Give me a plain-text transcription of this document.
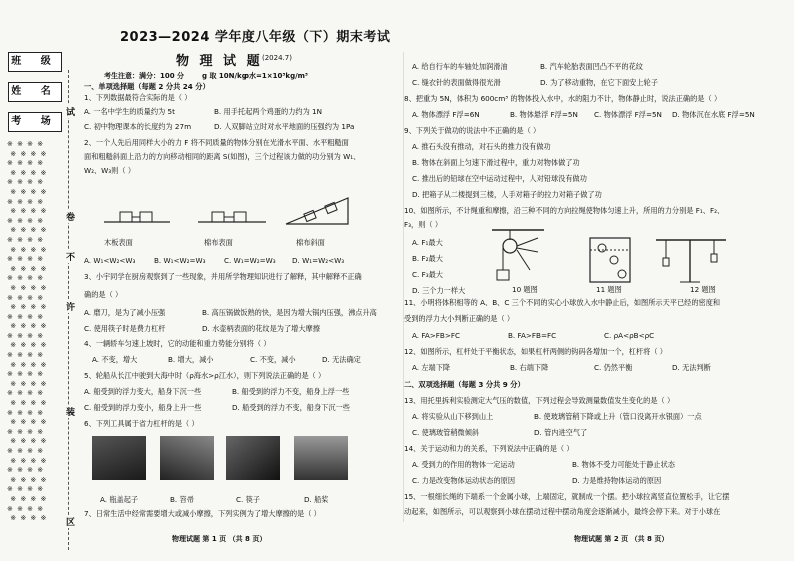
班 级
姓 名
考 场
※ ※ ※ ※
※ ※ ※ ※
※ ※ ※ ※
※ ※ ※ ※
※ ※ ※ ※
※ ※ ※ ※
※ ※ ※ ※
※ ※ ※ ※
※ ※ ※ ※
※ ※ ※ ※
※ ※ ※ ※
※ ※ ※ ※
※ ※ ※ ※
※ ※ ※ ※
※ ※ ※ ※
※ ※ ※ ※
※ ※ ※ ※
※ ※ ※ ※
※ ※ ※ ※
※ ※ ※ ※
※ ※ ※ ※
※ ※ ※ ※
※ ※ ※ ※
※ ※ ※ ※
※ ※ ※ ※
※ ※ ※ ※
※ ※ ※ ※
※ ※ ※ ※
※ ※ ※ ※
※ ※ ※ ※
※ ※ ※ ※
※ ※ ※ ※
※ ※ ※ ※
※ ※ ※ ※
※ ※ ※ ※
※ ※ ※ ※
※ ※ ※ ※
※ ※ ※ ※
※ ※ ※ ※
※ ※ ※ ※
试
卷
不
许
装
区
2023—2024 学年度八年级（下）期末考试
物 理 试 题 (2024.7)
考生注意：满分：100 分	g 取 10N/kg
ρ水=1×10³kg/m³
一、单项选择题（每题 2 分共 24 分）
1、下列数据最符合实际的是（ ）
A. 一名中学生的质量约为 5t	B. 用手托起两个鸡蛋的力约为 1N
C. 初中物理课本的长度约为 27m	D. 人双脚站立时对水平地面的压强约为 1Pa
2、一个人先后用同样大小的力 F 将不同质量的物体分别在光滑水平面、水平粗糙面
面和粗糙斜面上沿力的方向移动相同的距离 S(如图)，三个过程该力做的功分别为 W₁、
W₂、W₃则（ ）
木板表面	棉布表面	棉布斜面
A. W₁<W₂<W₃	B. W₁<W₂=W₃	C. W₁=W₂=W₃ D. W₁=W₂<W₃
3、小宇同学在厨房观察到了一些现象，并用所学物理知识进行了解释，其中解释不正确
确的是（ ）
A. 磨刀，是为了减小压强	B. 高压锅做饭熟的快，是因为增大锅内压强，沸点升高
C. 使用筷子时是费力杠杆	D. 水壶柄表面的花纹是为了增大摩擦
4、一辆轿车匀速上坡时，它的动能和重力势能分别将（ ）
A. 不变，增大	B. 增大，减小	C. 不变，减小	D. 无法确定
5、轮船从长江中驶到大海中时（ρ海水>ρ江水），则下列说法正确的是（ ）
A. 船受到的浮力变大，船身下沉一些	B. 船受到的浮力不变，船身上浮一些
C. 船受到的浮力变小，船身上升一些	D. 船受到的浮力不变，船身下沉一些
6、下列工具属于省力杠杆的是（ ）
A. 瓶盖起子	B. 笤帚	C. 筷子	D. 船桨
7、日常生活中经常需要增大或减小摩擦，下列实例为了增大摩擦的是（ ）
物理试题 第 1 页 （共 8 页）
A. 给自行车的车轴处加润滑油	B. 汽车轮胎表面凹凸不平的花纹
C. 缝衣针的表面做得很光滑	D. 为了移动重物，在它下面安上轮子
8、把重为 5N，体积为 600cm³ 的物体投入水中，水的阻力不计，物体静止时，说法正确的是（ ）
A. 物体漂浮 F浮=6N	B. 物体悬浮 F浮=5N C. 物体漂浮 F浮=5N D. 物体沉在水底 F浮=5N
9、下列关于做功的说法中不正确的是（ ）
A. 推石头没有推动，对石头的推力没有做功
B. 物体在斜面上匀速下滑过程中，重力对物体做了功
C. 推出后的铅球在空中运动过程中，人对铅球没有做功
D. 把箱子从二楼提到三楼，人手对箱子的拉力对箱子做了功
10、如图所示，不计绳重和摩擦，沿三种不同的方向拉绳使物体匀速上升，所用的力分别是 F₁、F₂、
F₃，则（ ）
A. F₁最大
B. F₂最大
C. F₃最大
D. 三个力一样大	10 题图	11 题图	12 题图
11、小明将体积相等的 A、B、C 三个不同的实心小球放入水中静止后，如图所示天平已经的密度和
受到的浮力大小判断正确的是（ ）
A. FA>FB>FC	B. FA>FB=FC	C. ρA<ρB<ρC
12、如图所示，杠杆处于平衡状态，如果杠杆两侧的钩码各增加一个，杠杆将（ ）
A. 左端下降	B. 右端下降	C. 仍然平衡	D. 无法判断
二、双项选择题（每题 3 分共 9 分）
13、用托里拆利实验测定大气压的数值，下列过程会导致测量数值发生变化的是（ ）
A. 将实验从山下移到山上	B. 使玻璃管稍下降或上升（管口没离开水银面）一点
C. 使璃玻管稍微倾斜	D. 管内进空气了
14、关于运动和力的关系，下列说法中正确的是（ ）
A. 受到力的作用的物体一定运动	B. 物体不受力可能处于静止状态
C. 力是改变物体运动状态的原因	D. 力是维持物体运动的原因
15、一根细长绳的下端系一个金属小球，上端固定，就制成一个摆。把小球拉离竖直位置松手，让它摆
动起来，如图所示，可以观察到小球在摆动过程中摆动角度会逐渐减小，最终会停下来。对于小球在
物理试题 第 2 页 （共 8 页）
